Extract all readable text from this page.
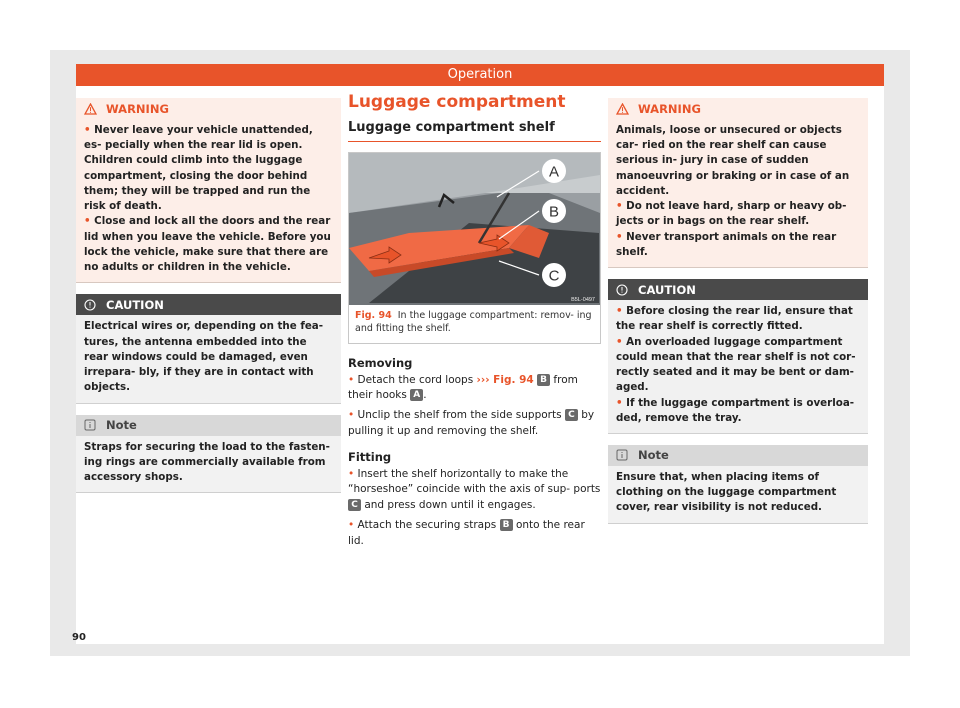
Operation
WARNING
• Never leave your vehicle unattended, es- pecially when the rear lid is open. Children could climb into the luggage compartment, closing the door behind them; they will be trapped and run the risk of death.
• Close and lock all the doors and the rear lid when you leave the vehicle. Before you lock the vehicle, make sure that there are no adults or children in the vehicle.
CAUTION
Electrical wires or, depending on the fea- tures, the antenna embedded into the rear windows could be damaged, even irrepara- bly, if they are in contact with objects.
Note
Straps for securing the load to the fasten- ing rings are commercially available from accessory shops.
Luggage compartment
Luggage compartment shelf
A
B
C
B5L-0497
Fig. 94 In the luggage compartment: remov- ing and fitting the shelf.
Removing
• Detach the cord loops ››› Fig. 94 B from their hooks A .
• Unclip the shelf from the side supports C by pulling it up and removing the shelf.
Fitting
• Insert the shelf horizontally to make the “horseshoe” coincide with the axis of sup- ports C and press down until it engages.
• Attach the securing straps B onto the rear lid.
WARNING
Animals, loose or unsecured or objects car- ried on the rear shelf can cause serious in- jury in case of sudden manoeuvring or braking or in case of an accident.
• Do not leave hard, sharp or heavy ob- jects or in bags on the rear shelf.
• Never transport animals on the rear shelf.
CAUTION
• Before closing the rear lid, ensure that the rear shelf is correctly fitted.
• An overloaded luggage compartment could mean that the rear shelf is not cor- rectly seated and it may be bent or dam- aged.
• If the luggage compartment is overloa- ded, remove the tray.
Note
Ensure that, when placing items of clothing on the luggage compartment cover, rear visibility is not reduced.
90
